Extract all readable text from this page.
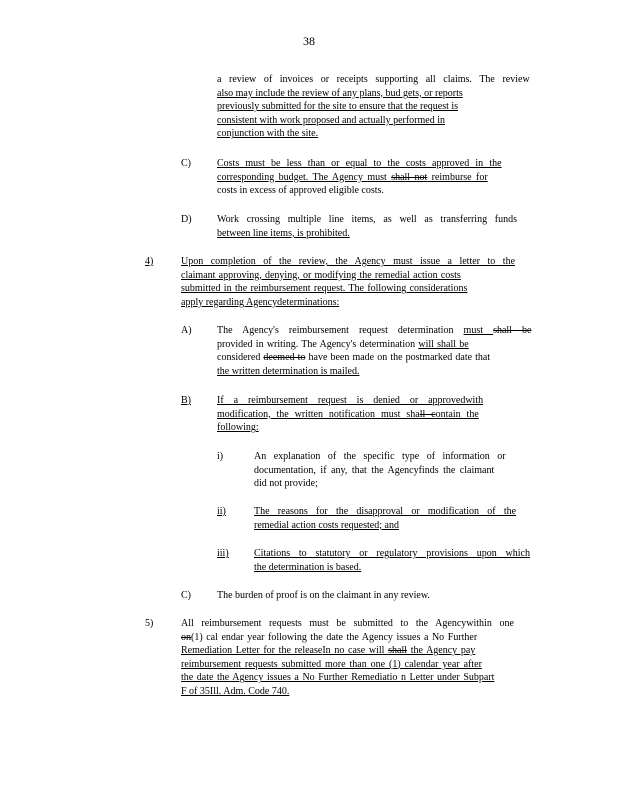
38

a review of invoices or receipts supporting all claims. The review

also may include the review of any plans, bud gets, or reports

previously submitted for the site to ensure that the request is

consistent with work proposed and actually performed in

conjunction with the site.

C)	Costs must be less than or equal to the costs approved in the

corresponding budget. The Agency must shall not reimburse for

costs in excess of approved eligible costs.

D)	Work crossing multiple line items, as well as transferring funds

between line items, is prohibited.

4)	Upon completion of the review, the Agency must issue a letter to the

claimant approving, denying, or modifying the remedial action costs

submitted in the reimbursement request. The following considerations

apply regarding Agencydeterminations:

A)	The Agency's reimbursement request determination must shall be

provided in writing. The Agency's determination will shall be

considered deemed to have been made on the postmarked date that

the written determination is mailed.

B)	If a reimbursement request is denied or approvedwith

modification, the written notification must shall contain the

following:

i)	An explanation of the specific type of information or

documentation, if any, that the Agencyfinds the claimant

did not provide;

ii)	The reasons for the disapproval or modification of the

remedial action costs requested; and

iii)	Citations to statutory or regulatory provisions upon which

the determination is based.

C)	The burden of proof is on the claimant in any review.

5)	All reimbursement requests must be submitted to the Agencywithin one

on(1) cal endar year following the date the Agency issues a No Further

Remediation Letter for the releaseIn no case will shall the Agency pay

reimbursement requests submitted more than one (1) calendar year after

the date the Agency issues a No Further Remediatio n Letter under Subpart

F of 35Ill. Adm. Code 740.
